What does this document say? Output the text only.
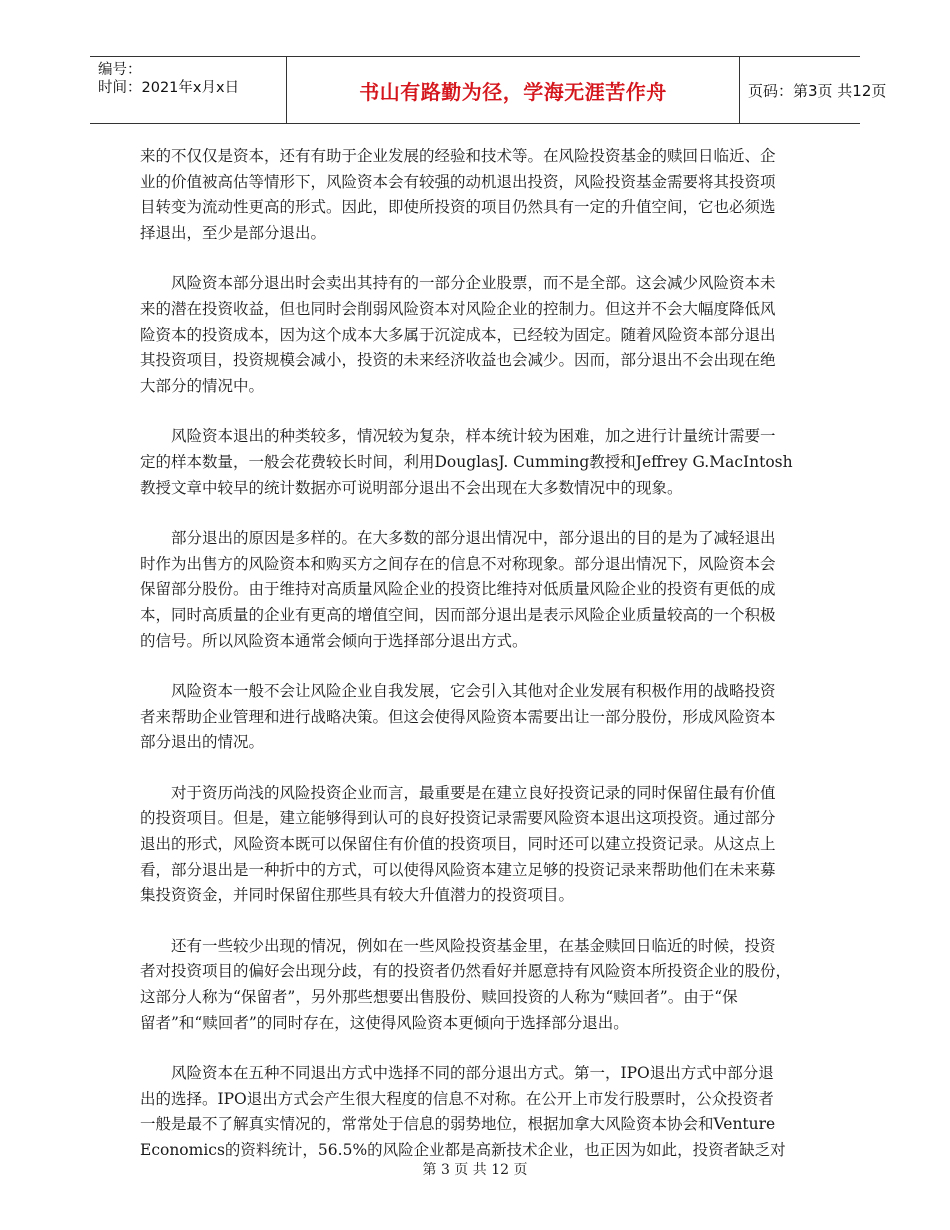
编号：
时间：2021年x月x日	书山有路勤为径，学海无涯苦作舟	页码：第3页 共12页

来的不仅仅是资本，还有有助于企业发展的经验和技术等。在风险投资基金的赎回日临近、企
业的价值被高估等情形下，风险资本会有较强的动机退出投资，风险投资基金需要将其投资项
目转变为流动性更高的形式。因此，即使所投资的项目仍然具有一定的升值空间，它也必须选
择退出，至少是部分退出。

风险资本部分退出时会卖出其持有的一部分企业股票，而不是全部。这会减少风险资本未
来的潜在投资收益，但也同时会削弱风险资本对风险企业的控制力。但这并不会大幅度降低风
险资本的投资成本，因为这个成本大多属于沉淀成本，已经较为固定。随着风险资本部分退出
其投资项目，投资规模会减小，投资的未来经济收益也会减少。因而，部分退出不会出现在绝
大部分的情况中。

风险资本退出的种类较多，情况较为复杂，样本统计较为困难，加之进行计量统计需要一
定的样本数量，一般会花费较长时间，利用DouglasJ. Cumming教授和Jeffrey G.MacIntosh
教授文章中较早的统计数据亦可说明部分退出不会出现在大多数情况中的现象。

部分退出的原因是多样的。在大多数的部分退出情况中，部分退出的目的是为了减轻退出
时作为出售方的风险资本和购买方之间存在的信息不对称现象。部分退出情况下，风险资本会
保留部分股份。由于维持对高质量风险企业的投资比维持对低质量风险企业的投资有更低的成
本，同时高质量的企业有更高的增值空间，因而部分退出是表示风险企业质量较高的一个积极
的信号。所以风险资本通常会倾向于选择部分退出方式。

风险资本一般不会让风险企业自我发展，它会引入其他对企业发展有积极作用的战略投资
者来帮助企业管理和进行战略决策。但这会使得风险资本需要出让一部分股份，形成风险资本
部分退出的情况。

对于资历尚浅的风险投资企业而言，最重要是在建立良好投资记录的同时保留住最有价值
的投资项目。但是，建立能够得到认可的良好投资记录需要风险资本退出这项投资。通过部分
退出的形式，风险资本既可以保留住有价值的投资项目，同时还可以建立投资记录。从这点上
看，部分退出是一种折中的方式，可以使得风险资本建立足够的投资记录来帮助他们在未来募
集投资资金，并同时保留住那些具有较大升值潜力的投资项目。

还有一些较少出现的情况，例如在一些风险投资基金里，在基金赎回日临近的时候，投资
者对投资项目的偏好会出现分歧，有的投资者仍然看好并愿意持有风险资本所投资企业的股份，
这部分人称为“保留者”，另外那些想要出售股份、赎回投资的人称为“赎回者”。由于“保
留者”和“赎回者”的同时存在，这使得风险资本更倾向于选择部分退出。

风险资本在五种不同退出方式中选择不同的部分退出方式。第一，IPO退出方式中部分退
出的选择。IPO退出方式会产生很大程度的信息不对称。在公开上市发行股票时，公众投资者
一般是最不了解真实情况的，常常处于信息的弱势地位，根据加拿大风险资本协会和Venture
Economics的资料统计，56.5%的风险企业都是高新技术企业，也正因为如此，投资者缺乏对

第 3 页 共 12 页
